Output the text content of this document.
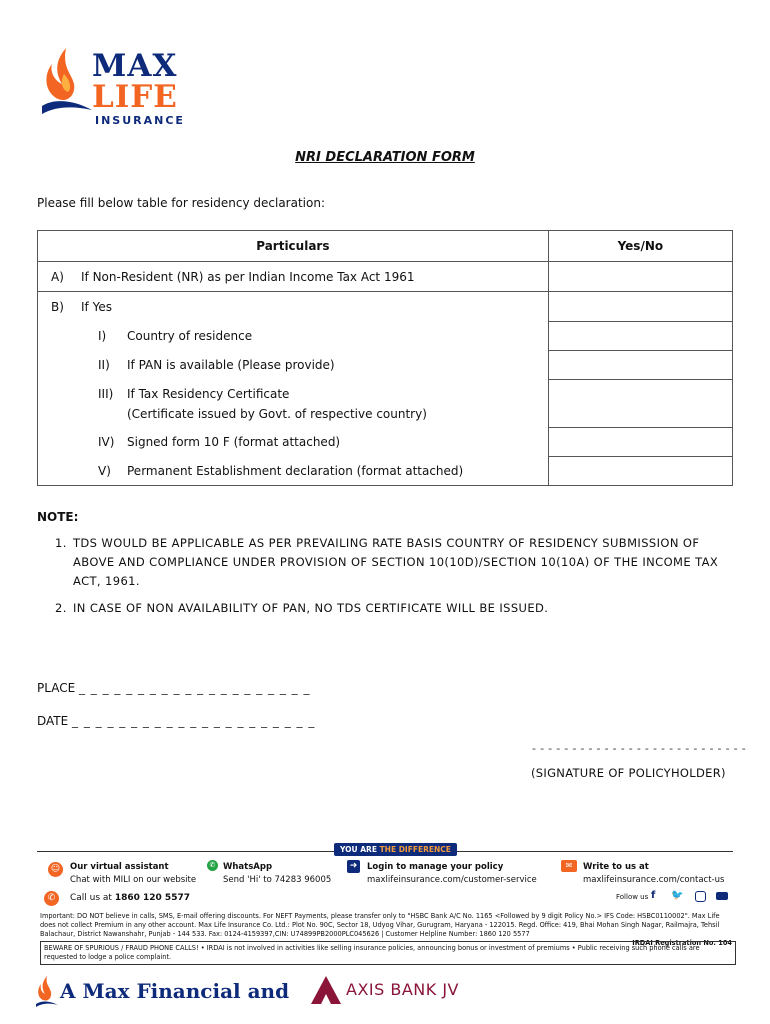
MAX
LIFE
INSURANCE
NRI DECLARATION FORM
Please fill below table for residency declaration:
Particulars	Yes/No

A) If Non-Resident (NR) as per Indian Income Tax Act 1961	

B) If Yes	

I) Country of residence	

II) If PAN is available (Please provide)	

III) If Tax Residency Certificate
(Certificate issued by Govt. of respective country)	

IV) Signed form 10 F (format attached)	

V) Permanent Establishment declaration (format attached)	

NOTE:
1. TDS WOULD BE APPLICABLE AS PER PREVAILING RATE BASIS COUNTRY OF RESIDENCY SUBMISSION OF ABOVE AND COMPLIANCE UNDER PROVISION OF SECTION 10(10D)/SECTION 10(10A) OF THE INCOME TAX ACT, 1961.
2. IN CASE OF NON AVAILABILITY OF PAN, NO TDS CERTIFICATE WILL BE ISSUED.
PLACE _ _ _ _ _ _ _ _ _ _ _ _ _ _ _ _ _ _ _ _
DATE _ _ _ _ _ _ _ _ _ _ _ _ _ _ _ _ _ _ _ _ _
- - - - - - - - - - - - - - - - - - - - - - - - - - -
(SIGNATURE OF POLICYHOLDER)
YOU ARE THE DIFFERENCE
☺	Our virtual assistant
Chat with MILI on our website
✆ WhatsApp
Send 'Hi' to 74283 96005
➜	Login to manage your policy
maxlifeinsurance.com/customer-service
✉	Write to us at
maxlifeinsurance.com/contact-us
✆	Call us at 1860 120 5577	Follow us f 🐦
Important: DO NOT believe in calls, SMS, E-mail offering discounts. For NEFT Payments, please transfer only to "HSBC Bank A/C No. 1165 <Followed by 9 digit Policy No.> IFS Code: HSBC0110002". Max Life does not collect Premium in any other account. Max Life Insurance Co. Ltd.: Plot No. 90C, Sector 18, Udyog Vihar, Gurugram, Haryana - 122015. Regd. Office: 419, Bhai Mohan Singh Nagar, Railmajra, Tehsil Balachaur, District Nawanshahr, Punjab - 144 533. Fax: 0124-4159397,CIN: U74899PB2000PLC045626 | Customer Helpline Number: 1860 120 5577
IRDAI Registration No. 104
BEWARE OF SPURIOUS / FRAUD PHONE CALLS! • IRDAI is not involved in activities like selling insurance policies, announcing bonus or investment of premiums • Public receiving such phone calls are requested to lodge a police complaint.
A Max Financial and	AXIS BANK JV
